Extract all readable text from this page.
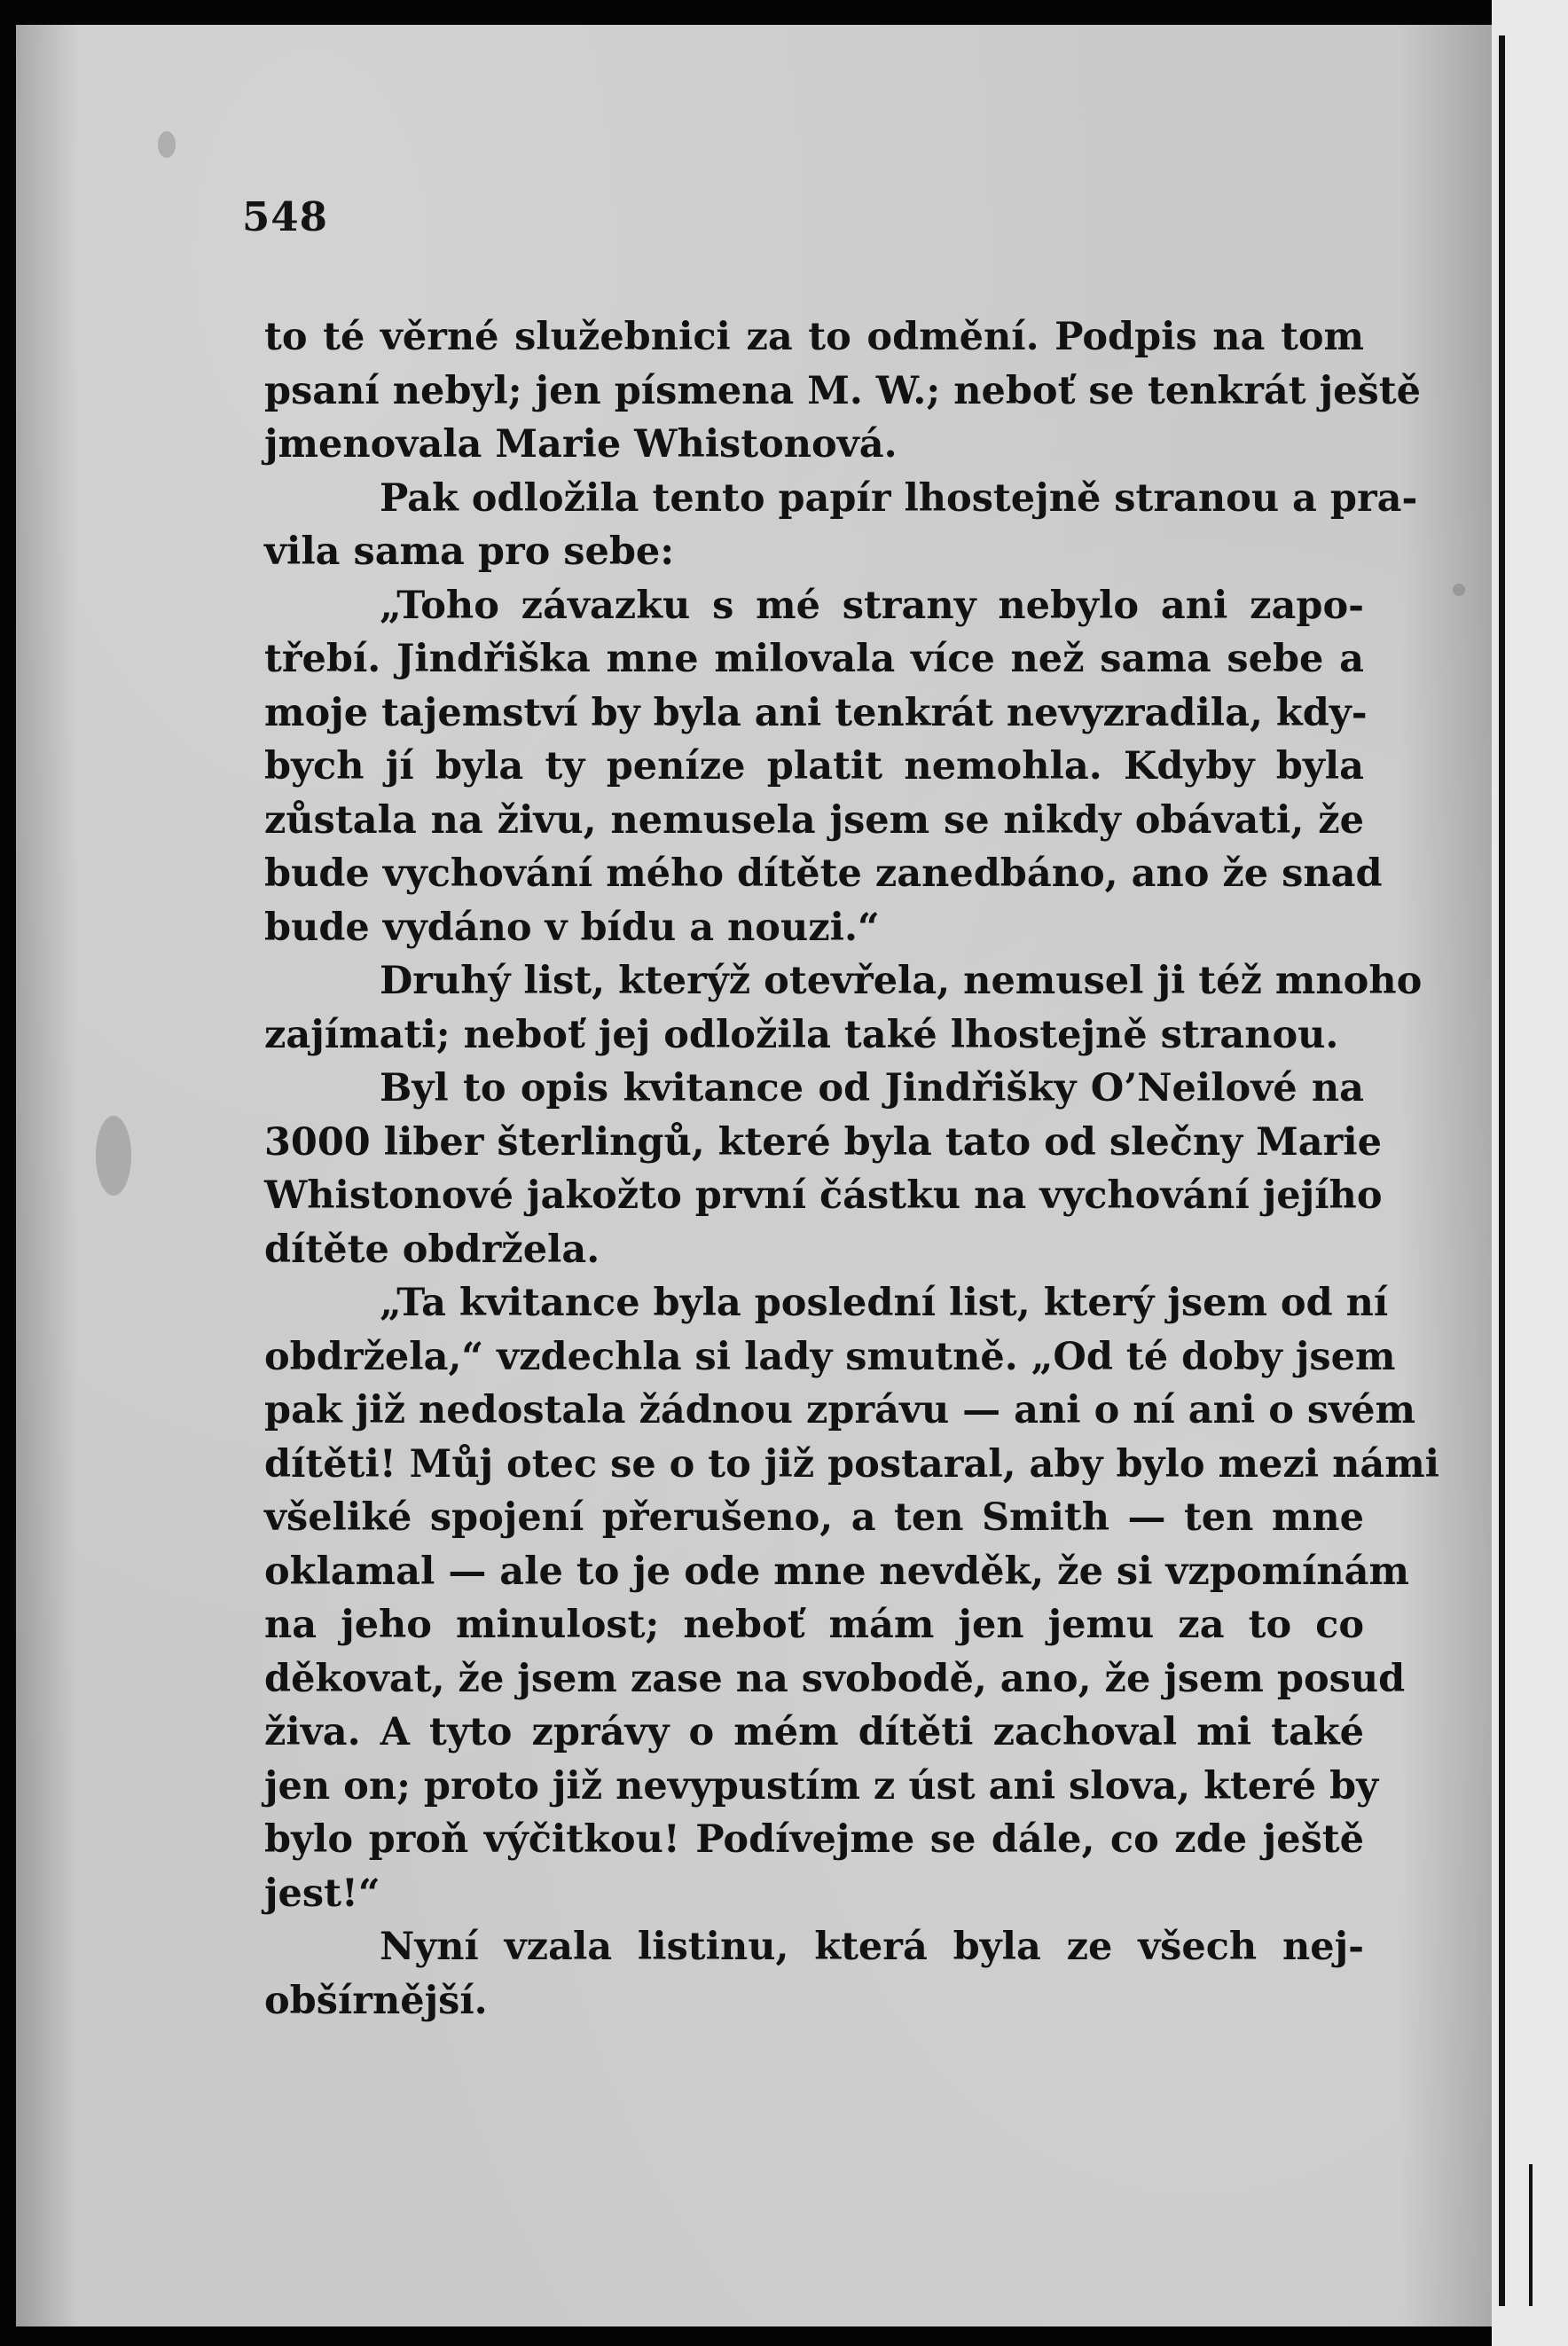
548
to té věrné služebnici za to odmění. Podpis na tom
psaní nebyl; jen písmena M. W.; neboť se tenkrát ještě
jmenovala Marie Whistonová.
Pak odložila tento papír lhostejně stranou a pra-
vila sama pro sebe:
„Toho závazku s mé strany nebylo ani zapo-
třebí. Jindřiška mne milovala více než sama sebe a
moje tajemství by byla ani tenkrát nevyzradila, kdy-
bych jí byla ty peníze platit nemohla. Kdyby byla
zůstala na živu, nemusela jsem se nikdy obávati, že
bude vychování mého dítěte zanedbáno, ano že snad
bude vydáno v bídu a nouzi.“
Druhý list, kterýž otevřela, nemusel ji též mnoho
zajímati; neboť jej odložila také lhostejně stranou.
Byl to opis kvitance od Jindřišky O’Neilové na
3000 liber šterlingů, které byla tato od slečny Marie
Whistonové jakožto první částku na vychování jejího
dítěte obdržela.
„Ta kvitance byla poslední list, který jsem od ní
obdržela,“ vzdechla si lady smutně. „Od té doby jsem
pak již nedostala žádnou zprávu — ani o ní ani o svém
dítěti! Můj otec se o to již postaral, aby bylo mezi námi
všeliké spojení přerušeno, a ten Smith — ten mne
oklamal — ale to je ode mne nevděk, že si vzpomínám
na jeho minulost; neboť mám jen jemu za to co
děkovat, že jsem zase na svobodě, ano, že jsem posud
živa. A tyto zprávy o mém dítěti zachoval mi také
jen on; proto již nevypustím z úst ani slova, které by
bylo proň výčitkou! Podívejme se dále, co zde ještě
jest!“
Nyní vzala listinu, která byla ze všech nej-
obšírnější.
